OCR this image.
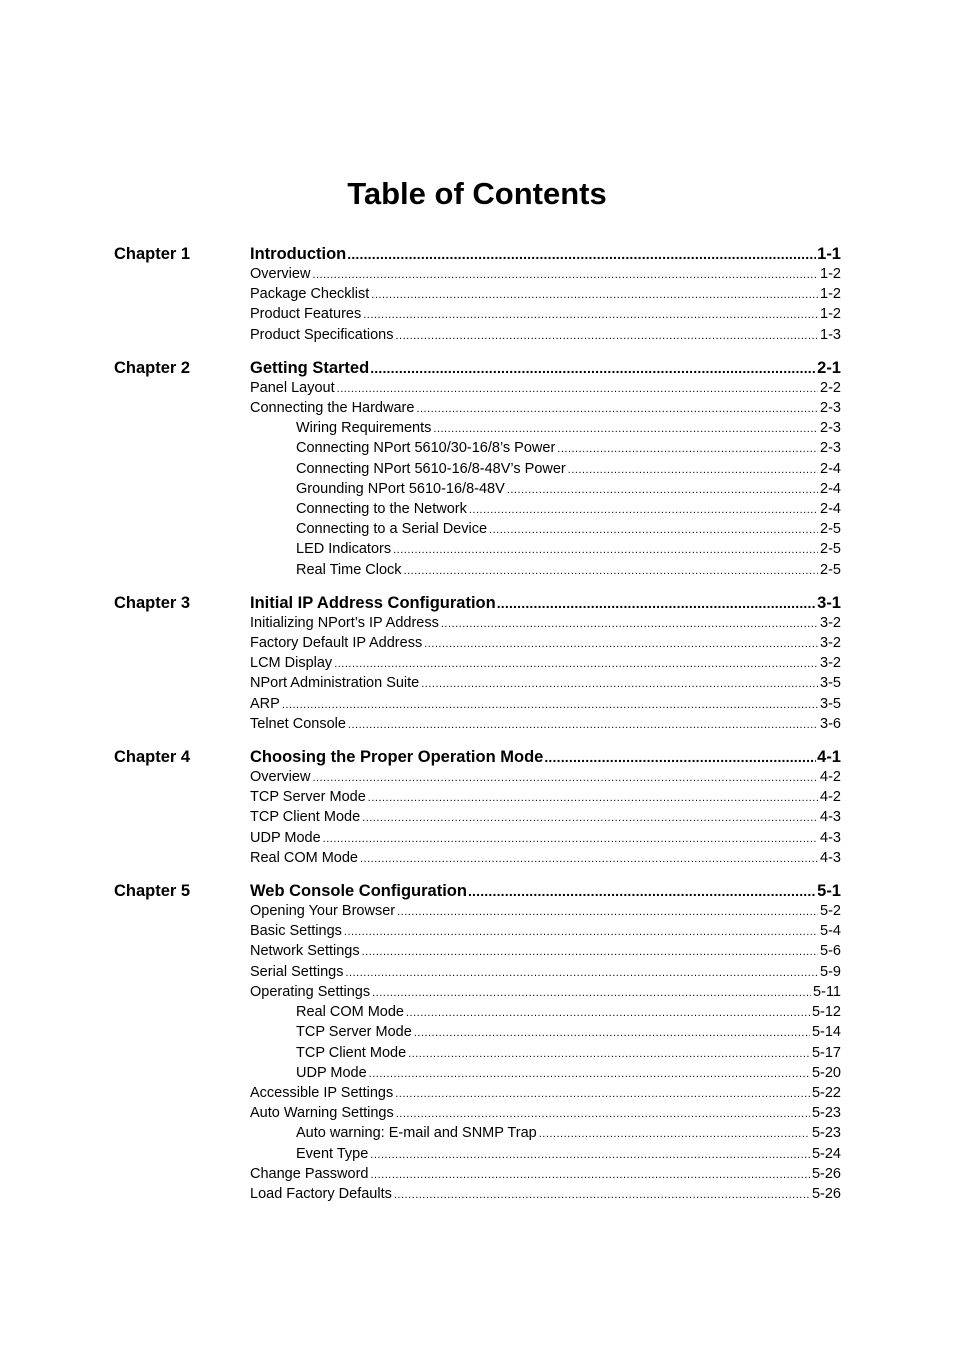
Table of Contents
Chapter 1	Introduction .....	1-1
Overview .....	1-2
Package Checklist .....	1-2
Product Features .....	1-2
Product Specifications .....	1-3
Chapter 2	Getting Started .....	2-1
Panel Layout .....	2-2
Connecting the Hardware .....	2-3
Wiring Requirements .....	2-3
Connecting NPort 5610/30-16/8’s Power .....	2-3
Connecting NPort 5610-16/8-48V’s Power .....	2-4
Grounding NPort 5610-16/8-48V .....	2-4
Connecting to the Network .....	2-4
Connecting to a Serial Device .....	2-5
LED Indicators .....	2-5
Real Time Clock .....	2-5
Chapter 3	Initial IP Address Configuration .....	3-1
Initializing NPort’s IP Address .....	3-2
Factory Default IP Address .....	3-2
LCM Display .....	3-2
NPort Administration Suite .....	3-5
ARP .....	3-5
Telnet Console .....	3-6
Chapter 4	Choosing the Proper Operation Mode .....	4-1
Overview .....	4-2
TCP Server Mode .....	4-2
TCP Client Mode .....	4-3
UDP Mode .....	4-3
Real COM Mode .....	4-3
Chapter 5	Web Console Configuration .....	5-1
Opening Your Browser .....	5-2
Basic Settings .....	5-4
Network Settings .....	5-6
Serial Settings .....	5-9
Operating Settings .....	5-11
Real COM Mode .....	5-12
TCP Server Mode .....	5-14
TCP Client Mode .....	5-17
UDP Mode .....	5-20
Accessible IP Settings .....	5-22
Auto Warning Settings .....	5-23
Auto warning: E-mail and SNMP Trap .....	5-23
Event Type .....	5-24
Change Password .....	5-26
Load Factory Defaults .....	5-26
